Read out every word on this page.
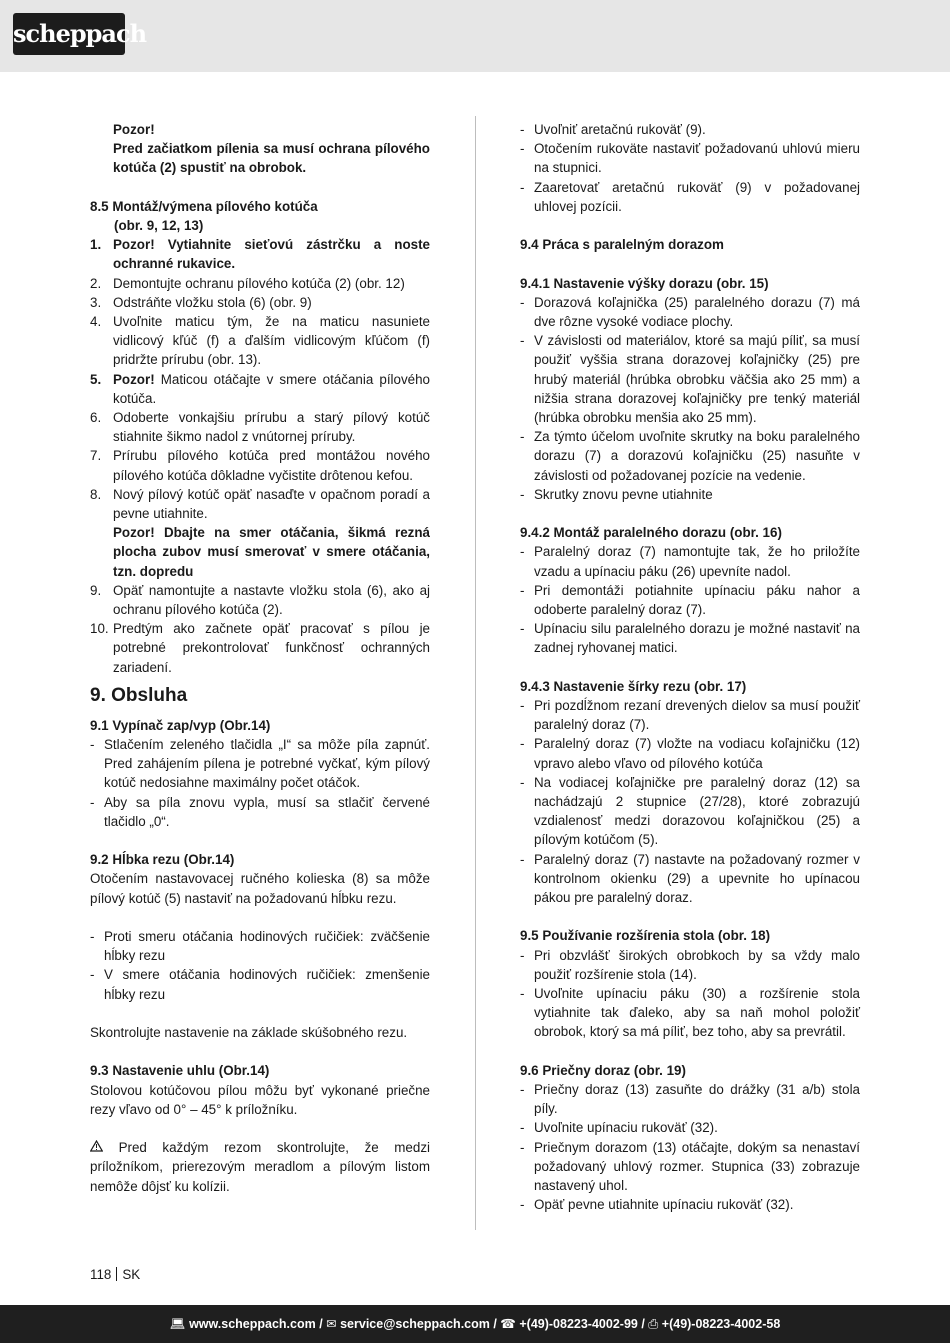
scheppach

Pozor!

Pred začiatkom pílenia sa musí ochrana pílového kotúča (2) spustiť na obrobok.

8.5 Montáž/výmena pílového kotúča

(obr. 9, 12, 13)

1. Pozor! Vytiahnite sieťovú zástrčku a noste ochranné rukavice.
2. Demontujte ochranu pílového kotúča (2) (obr. 12)
3. Odstráňte vložku stola (6) (obr. 9)
4. Uvoľnite maticu tým, že na maticu nasuniete vidlicový kľúč (f) a ďalším vidlicovým kľúčom (f) pridržte prírubu (obr. 13).
5. Pozor! Maticou otáčajte v smere otáčania pílového kotúča.
6. Odoberte vonkajšiu prírubu a starý pílový kotúč stiahnite šikmo nadol z vnútornej príruby.
7. Prírubu pílového kotúča pred montážou nového pílového kotúča dôkladne vyčistite drôtenou kefou.
8. Nový pílový kotúč opäť nasaďte v opačnom poradí a pevne utiahnite.

Pozor! Dbajte na smer otáčania, šikmá rezná plocha zubov musí smerovať v smere otáčania, tzn. dopredu

9. Opäť namontujte a nastavte vložku stola (6), ako aj ochranu pílového kotúča (2).
10. Predtým ako začnete opäť pracovať s pílou je potrebné prekontrolovať funkčnosť ochranných zariadení.
9. Obsluha

9.1 Vypínač zap/vyp (Obr.14)

- Stlačením zeleného tlačidla „I“ sa môže píla zapnúť. Pred zahájením pílena je potrebné vyčkať, kým pílový kotúč nedosiahne maximálny počet otáčok.
- Aby sa píla znovu vypla, musí sa stlačiť červené tlačidlo „0“.

9.2 Hĺbka rezu (Obr.14)

Otočením nastavovacej ručného kolieska (8) sa môže pílový kotúč (5) nastaviť na požadovanú hĺbku rezu.

- Proti smeru otáčania hodinových ručičiek: zväčšenie hĺbky rezu
- V smere otáčania hodinových ručičiek: zmenšenie hĺbky rezu

Skontrolujte nastavenie na základe skúšobného rezu.

9.3 Nastavenie uhlu (Obr.14)

Stolovou kotúčovou pílou môžu byť vykonané priečne rezy vľavo od 0° – 45° k príložníku.

Pred každým rezom skontrolujte, že medzi príložníkom, prierezovým meradlom a pílovým listom nemôže dôjsť ku kolízii.

- Uvoľniť aretačnú rukoväť (9).
- Otočením rukoväte nastaviť požadovanú uhlovú mieru na stupnici.
- Zaaretovať aretačnú rukoväť (9) v požadovanej uhlovej pozícii.

9.4 Práca s paralelným dorazom

9.4.1 Nastavenie výšky dorazu (obr. 15)

- Dorazová koľajnička (25) paralelného dorazu (7) má dve rôzne vysoké vodiace plochy.
- V závislosti od materiálov, ktoré sa majú píliť, sa musí použiť vyššia strana dorazovej koľajničky (25) pre hrubý materiál (hrúbka obrobku väčšia ako 25 mm) a nižšia strana dorazovej koľajničky pre tenký materiál (hrúbka obrobku menšia ako 25 mm).
- Za týmto účelom uvoľnite skrutky na boku paralelného dorazu (7) a dorazovú koľajničku (25) nasuňte v závislosti od požadovanej pozície na vedenie.
- Skrutky znovu pevne utiahnite

9.4.2 Montáž paralelného dorazu (obr. 16)

- Paralelný doraz (7) namontujte tak, že ho priložíte vzadu a upínaciu páku (26) upevníte nadol.
- Pri demontáži potiahnite upínaciu páku nahor a odoberte paralelný doraz (7).
- Upínaciu silu paralelného dorazu je možné nastaviť na zadnej ryhovanej matici.

9.4.3 Nastavenie šírky rezu (obr. 17)

- Pri pozdĺžnom rezaní drevených dielov sa musí použiť paralelný doraz (7).
- Paralelný doraz (7) vložte na vodiacu koľajničku (12) vpravo alebo vľavo od pílového kotúča
- Na vodiacej koľajničke pre paralelný doraz (12) sa nachádzajú 2 stupnice (27/28), ktoré zobrazujú vzdialenosť medzi dorazovou koľajničkou (25) a pílovým kotúčom (5).
- Paralelný doraz (7) nastavte na požadovaný rozmer v kontrolnom okienku (29) a upevnite ho upínacou pákou pre paralelný doraz.

9.5 Používanie rozšírenia stola (obr. 18)

- Pri obzvlášť širokých obrobkoch by sa vždy malo použiť rozšírenie stola (14).
- Uvoľnite upínaciu páku (30) a rozšírenie stola vytiahnite tak ďaleko, aby sa naň mohol položiť obrobok, ktorý sa má píliť, bez toho, aby sa prevrátil.

9.6 Priečny doraz (obr. 19)

- Priečny doraz (13) zasuňte do drážky (31 a/b) stola píly.
- Uvoľnite upínaciu rukoväť (32).
- Priečnym dorazom (13) otáčajte, dokým sa nenastaví požadovaný uhlový rozmer. Stupnica (33) zobrazuje nastavený uhol.
- Opäť pevne utiahnite upínaciu rukoväť (32).
118 SK
💻︎ www.scheppach.com / ✉︎ service@scheppach.com / ☎︎ +(49)-08223-4002-99 / ⎙ +(49)-08223-4002-58
